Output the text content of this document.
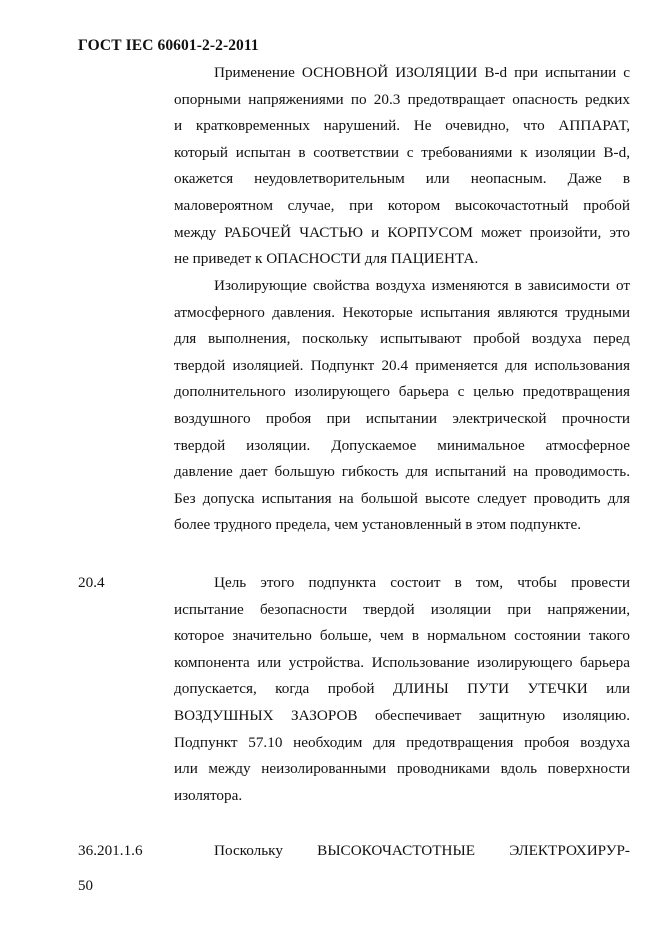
ГОСТ IEC 60601-2-2-2011
Применение ОСНОВНОЙ ИЗОЛЯЦИИ B-d при испытании с
опорными напряжениями по 20.3 предотвращает опасность редких
и кратковременных нарушений. Не очевидно, что АППАРАТ,
который испытан в соответствии с требованиями к изоляции B-d,
окажется неудовлетворительным или неопасным. Даже в
маловероятном случае, при котором высокочастотный пробой
между РАБОЧЕЙ ЧАСТЬЮ и КОРПУСОМ может произойти, это
не приведет к ОПАСНОСТИ для ПАЦИЕНТА.
Изолирующие свойства воздуха изменяются в зависимости от
атмосферного давления. Некоторые испытания являются трудными
для выполнения, поскольку испытывают пробой воздуха перед
твердой изоляцией. Подпункт 20.4 применяется для использования
дополнительного изолирующего барьера с целью предотвращения
воздушного пробоя при испытании электрической прочности
твердой изоляции. Допускаемое минимальное атмосферное
давление дает большую гибкость для испытаний на проводимость.
Без допуска испытания на большой высоте следует проводить для
более трудного предела, чем установленный в этом подпункте.
20.4	Цель этого подпункта состоит в том, чтобы провести
испытание безопасности твердой изоляции при напряжении,
которое значительно больше, чем в нормальном состоянии такого
компонента или устройства. Использование изолирующего барьера
допускается, когда пробой ДЛИНЫ ПУТИ УТЕЧКИ или
ВОЗДУШНЫХ ЗАЗОРОВ обеспечивает защитную изоляцию.
Подпункт 57.10 необходим для предотвращения пробоя воздуха
или между неизолированными проводниками вдоль поверхности
изолятора.
36.201.1.6	Поскольку ВЫСОКОЧАСТОТНЫЕ ЭЛЕКТРОХИРУР-
50
